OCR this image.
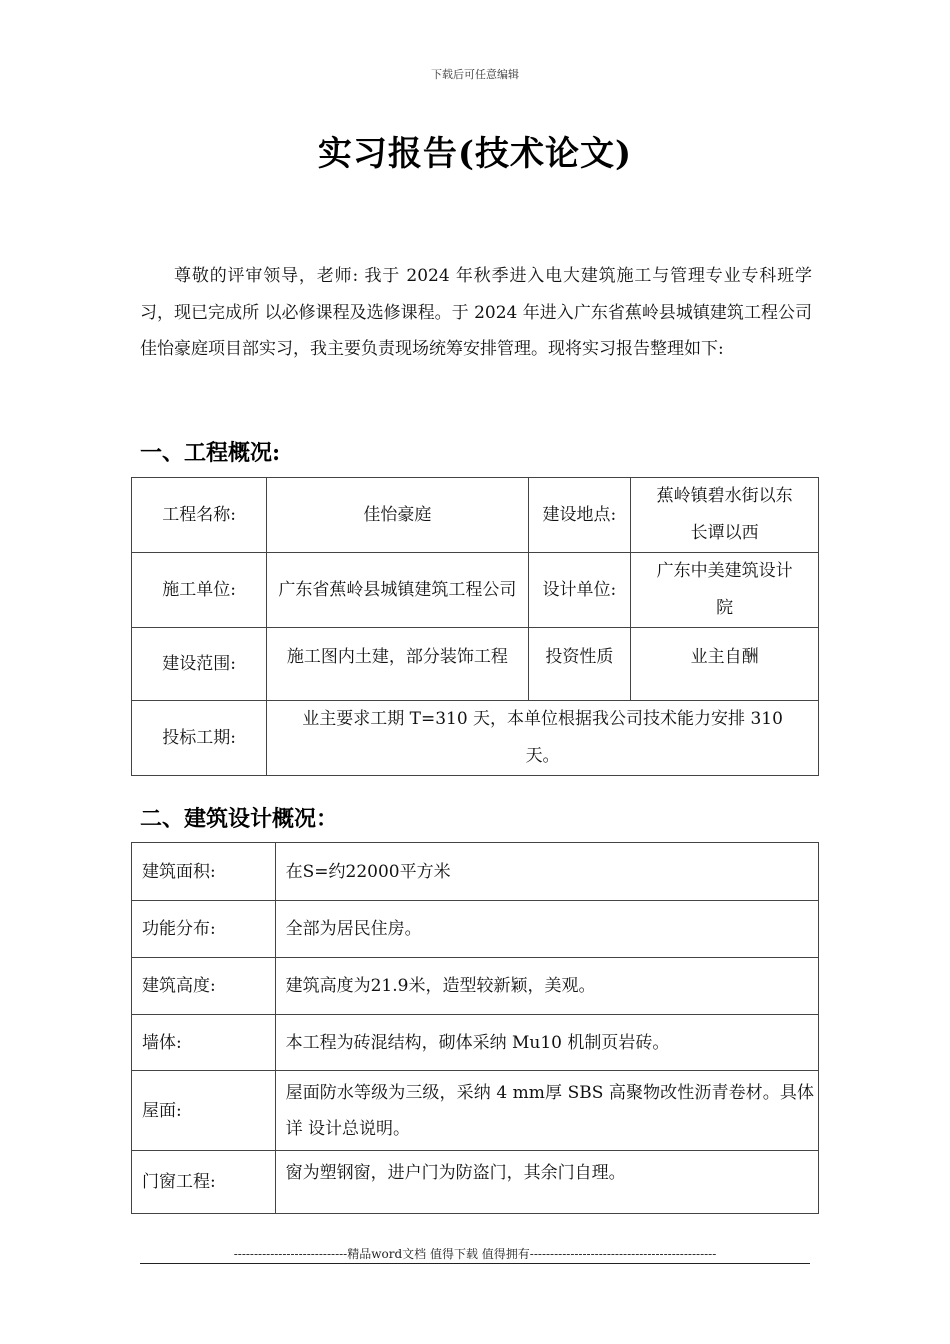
下载后可任意编辑
实习报告(技术论文)
尊敬的评审领导，老师: 我于 2024 年秋季进入电大建筑施工与管理专业专科班学习，现已完成所 以必修课程及选修课程。于 2024 年进入广东省蕉岭县城镇建筑工程公司佳怡豪庭项目部实习，我主要负责现场统筹安排管理。现将实习报告整理如下:
一、工程概况:
工程名称:	佳怡豪庭	建设地点:	蕉岭镇碧水街以东长谭以西
施工单位:	广东省蕉岭县城镇建筑工程公司	设计单位:	广东中美建筑设计院
建设范围:	施工图内土建，部分装饰工程	投资性质	业主自酬
投标工期:	业主要求工期 T=310 天，本单位根据我公司技术能力安排 310 天。		
二、建筑设计概况：
建筑面积:	在S=约22000平方米
功能分布:	全部为居民住房。
建筑高度:	建筑高度为21.9米，造型较新颖，美观。
墙体:	本工程为砖混结构，砌体采纳 Mu10 机制页岩砖。
屋面:	屋面防水等级为三级，采纳 4 mm厚 SBS 高聚物改性沥青卷材。具体详 设计总说明。
门窗工程:	窗为塑钢窗，进户门为防盗门，其余门自理。
----------------------------精品word文档 值得下载 值得拥有----------------------------------------------
